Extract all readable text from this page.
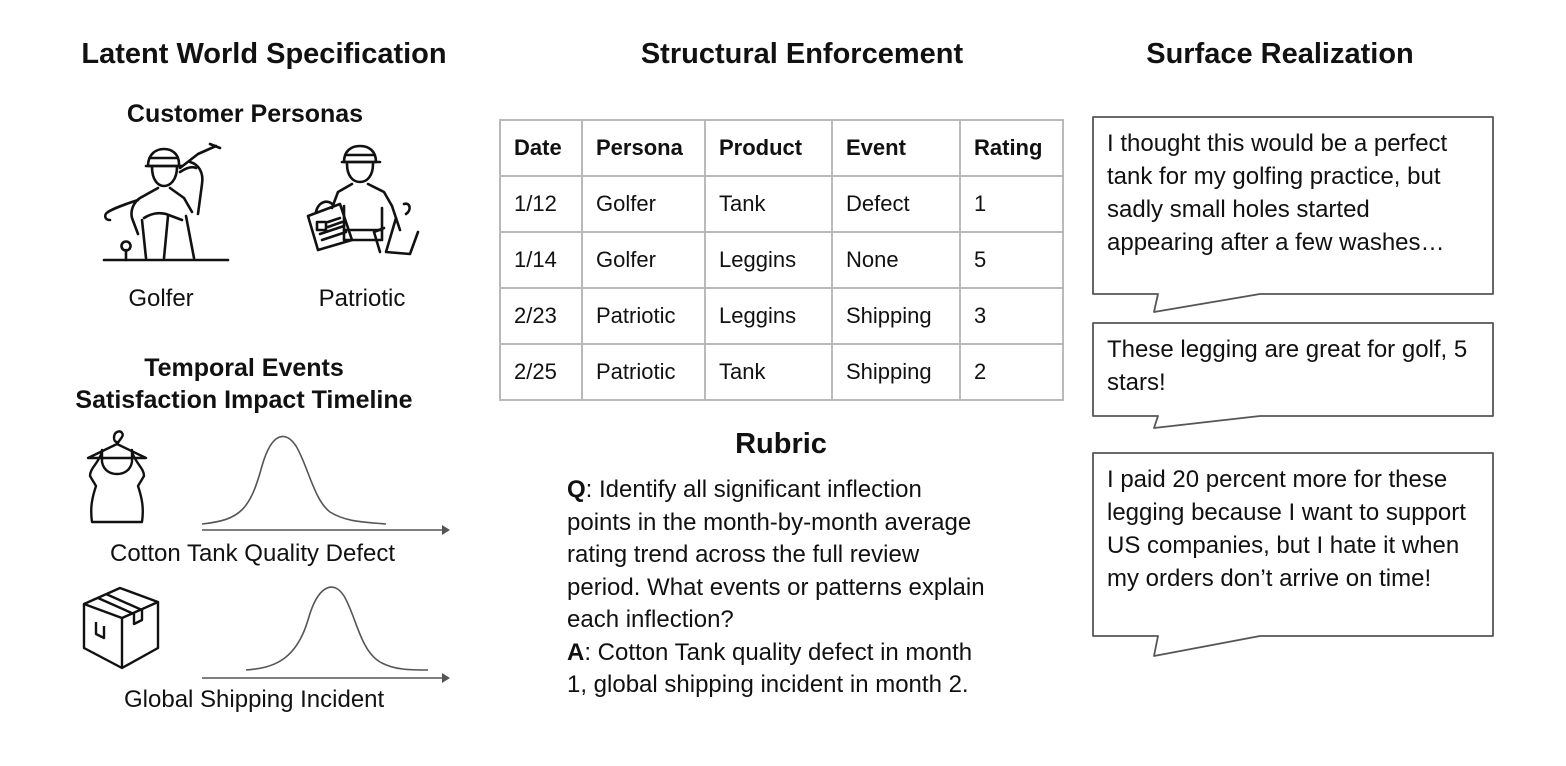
Latent World Specification	Structural Enforcement	Surface Realization
Customer Personas
Golfer	Patriotic
Temporal Events
Satisfaction Impact Timeline
Cotton Tank Quality Defect
Global Shipping Incident
Date	Persona	Product	Event	Rating
1/12	Golfer	Tank	Defect	1
1/14	Golfer	Leggins	None	5
2/23	Patriotic	Leggins	Shipping	3
2/25	Patriotic	Tank	Shipping	2
Rubric
Q: Identify all significant inflection points in the month-by-month average rating trend across the full review period. What events or patterns explain each inflection?
A: Cotton Tank quality defect in month 1, global shipping incident in month 2.
I thought this would be a perfect tank for my golfing practice, but sadly small holes started appearing after a few washes…
These legging are great for golf, 5 stars!
I paid 20 percent more for these legging because I want to support US companies, but I hate it when my orders don’t arrive on time!
